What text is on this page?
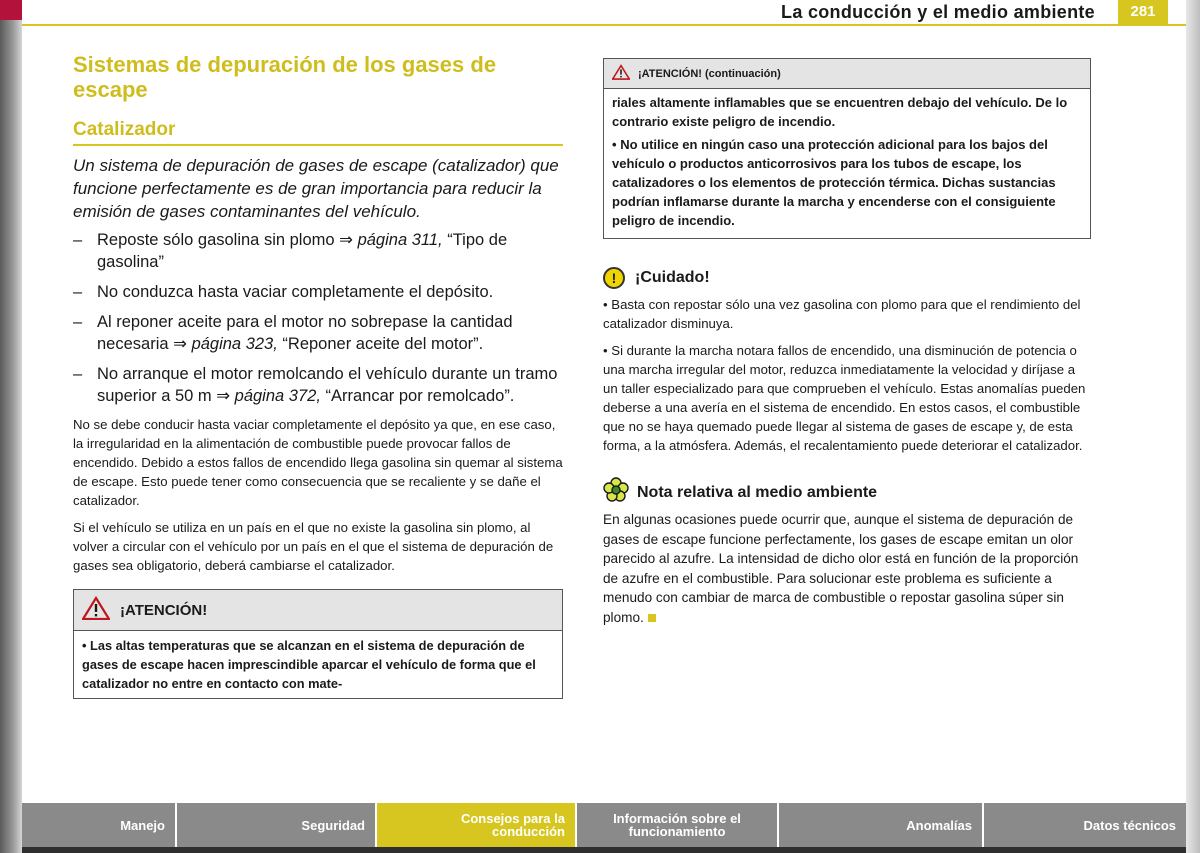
La conducción y el medio ambiente	281
Sistemas de depuración de los gases de escape
Catalizador

Un sistema de depuración de gases de escape (catalizador) que funcione perfectamente es de gran importancia para reducir la emisión de gases contaminantes del vehículo.

– Reposte sólo gasolina sin plomo ⇒ página 311, “Tipo de gasolina”
– No conduzca hasta vaciar completamente el depósito.
– Al reponer aceite para el motor no sobrepase la cantidad necesaria ⇒ página 323, “Reponer aceite del motor”.
– No arranque el motor remolcando el vehículo durante un tramo superior a 50 m ⇒ página 372, “Arrancar por remolcado”.

No se debe conducir hasta vaciar completamente el depósito ya que, en ese caso, la irregularidad en la alimentación de combustible puede provocar fallos de encendido. Debido a estos fallos de encendido llega gasolina sin quemar al sistema de escape. Esto puede tener como consecuencia que se recaliente y se dañe el catalizador.

Si el vehículo se utiliza en un país en el que no existe la gasolina sin plomo, al volver a circular con el vehículo por un país en el que el sistema de depuración de gases sea obligatorio, deberá cambiarse el catalizador.

¡ATENCIÓN!
• Las altas temperaturas que se alcanzan en el sistema de depuración de gases de escape hacen imprescindible aparcar el vehículo de forma que el catalizador no entre en contacto con mate-
¡ATENCIÓN! (continuación)

riales altamente inflamables que se encuentren debajo del vehículo. De lo contrario existe peligro de incendio.

• No utilice en ningún caso una protección adicional para los bajos del vehículo o productos anticorrosivos para los tubos de escape, los catalizadores o los elementos de protección térmica. Dichas sustancias podrían inflamarse durante la marcha y encenderse con el consiguiente peligro de incendio.

!	¡Cuidado!

• Basta con repostar sólo una vez gasolina con plomo para que el rendimiento del catalizador disminuya.

• Si durante la marcha notara fallos de encendido, una disminución de potencia o una marcha irregular del motor, reduzca inmediatamente la velocidad y diríjase a un taller especializado para que comprueben el vehículo. Estas anomalías pueden deberse a una avería en el sistema de encendido. En estos casos, el combustible que no se haya quemado puede llegar al sistema de gases de escape y, de esta forma, a la atmósfera. Además, el recalentamiento puede deteriorar el catalizador.

Nota relativa al medio ambiente
En algunas ocasiones puede ocurrir que, aunque el sistema de depuración de gases de escape funcione perfectamente, los gases de escape emitan un olor parecido al azufre. La intensidad de dicho olor está en función de la proporción de azufre en el combustible. Para solucionar este problema es suficiente a menudo con cambiar de marca de combustible o repostar gasolina súper sin plomo.
Manejo	Seguridad	Consejos para la conducción
Información sobre el funcionamiento	Anomalías	Datos técnicos
